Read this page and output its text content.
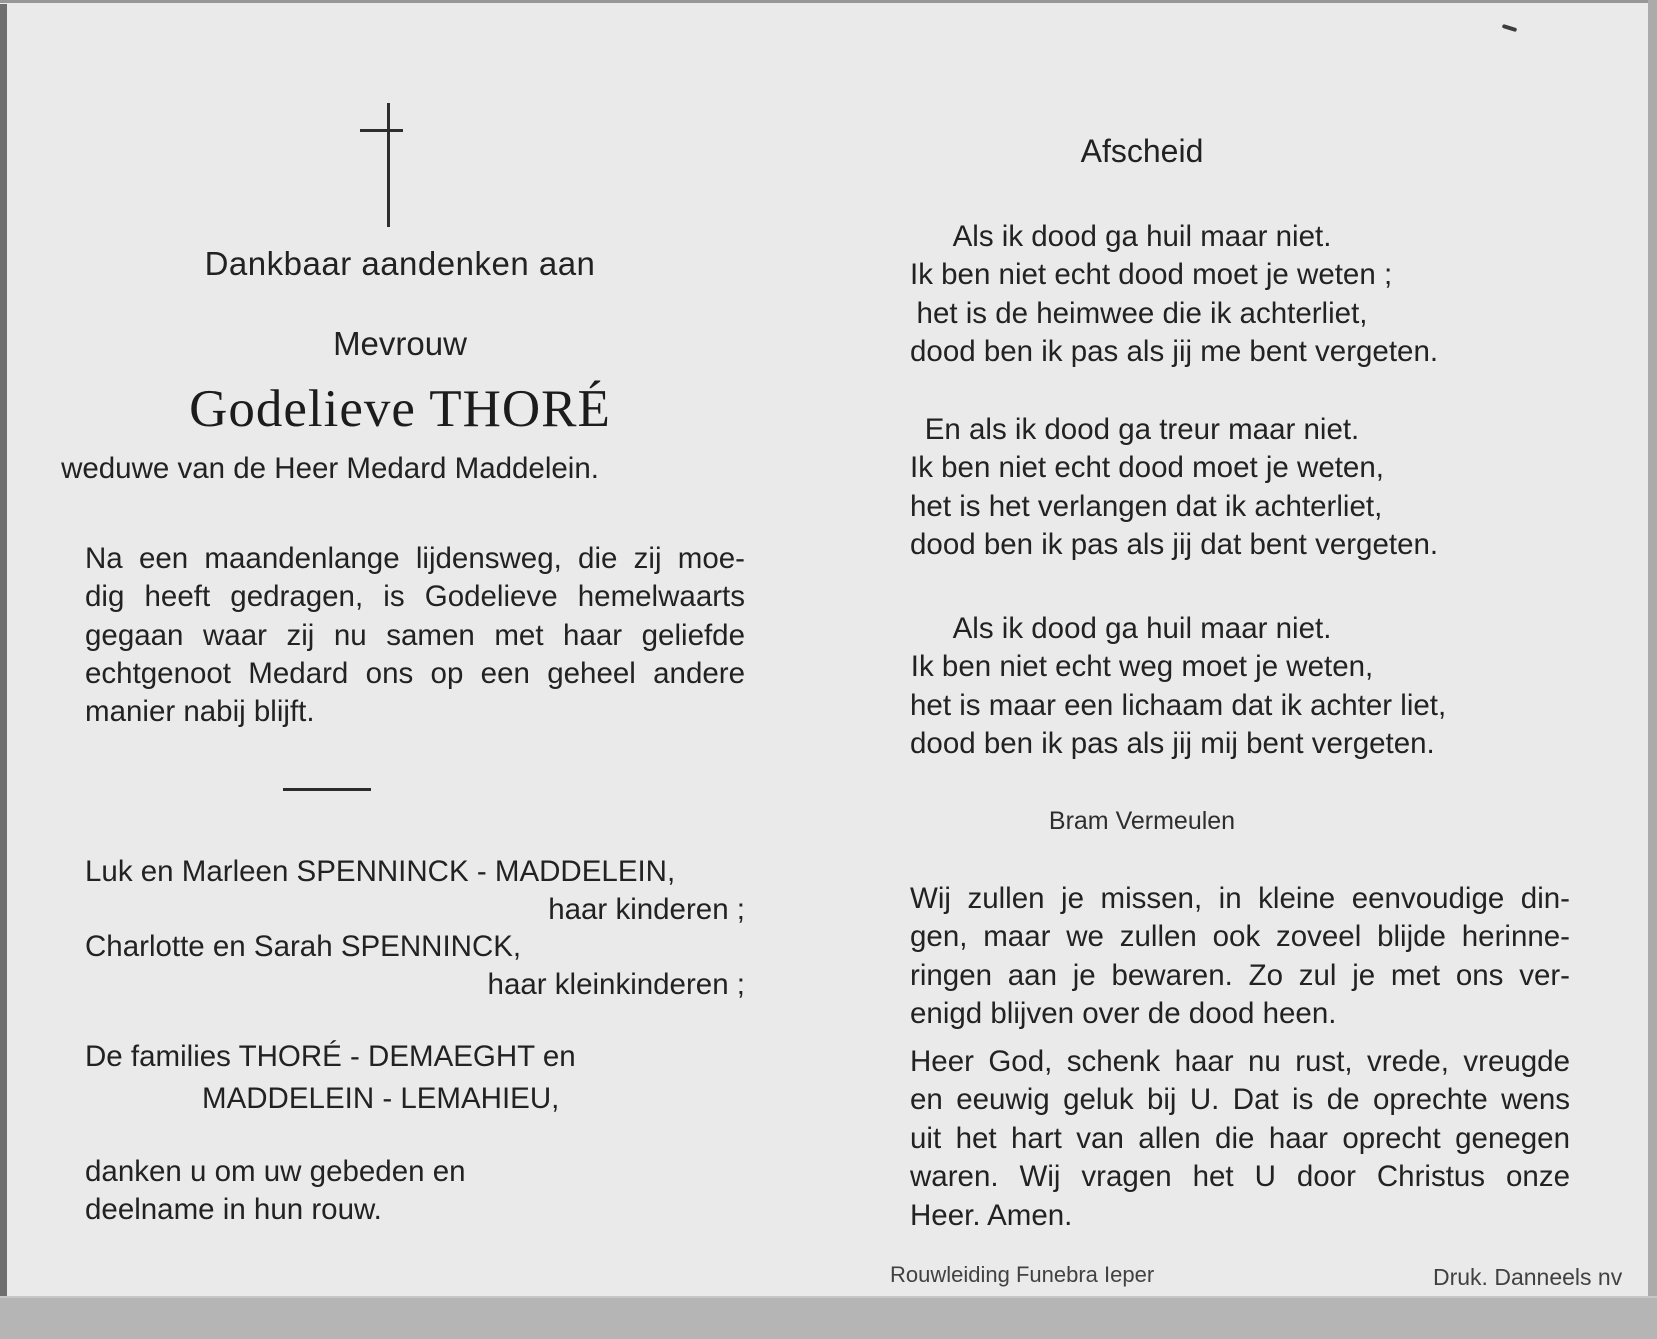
Dankbaar aandenken aan
Mevrouw
Godelieve THORÉ
weduwe van de Heer Medard Maddelein.
Na een maandenlange lijdensweg, die zij moe-
dig heeft gedragen, is Godelieve hemelwaarts
gegaan waar zij nu samen met haar geliefde
echtgenoot Medard ons op een geheel andere
manier nabij blijft.
Luk en Marleen SPENNINCK - MADDELEIN,
haar kinderen ;
Charlotte en Sarah SPENNINCK,
haar kleinkinderen ;
De families THORÉ - DEMAEGHT en
MADDELEIN - LEMAHIEU,
danken u om uw gebeden en
deelname in hun rouw.
Afscheid
Als ik dood ga huil maar niet.
Ik ben niet echt dood moet je weten ;
het is de heimwee die ik achterliet,
dood ben ik pas als jij me bent vergeten.
En als ik dood ga treur maar niet.
Ik ben niet echt dood moet je weten,
het is het verlangen dat ik achterliet,
dood ben ik pas als jij dat bent vergeten.
Als ik dood ga huil maar niet.
Ik ben niet echt weg moet je weten,
het is maar een lichaam dat ik achter liet,
dood ben ik pas als jij mij bent vergeten.
Bram Vermeulen
Wij zullen je missen, in kleine eenvoudige din-
gen, maar we zullen ook zoveel blijde herinne-
ringen aan je bewaren. Zo zul je met ons ver-
enigd blijven over de dood heen.
Heer God, schenk haar nu rust, vrede, vreugde
en eeuwig geluk bij U. Dat is de oprechte wens
uit het hart van allen die haar oprecht genegen
waren. Wij vragen het U door Christus onze
Heer. Amen.
Rouwleiding Funebra Ieper	Druk. Danneels nv
